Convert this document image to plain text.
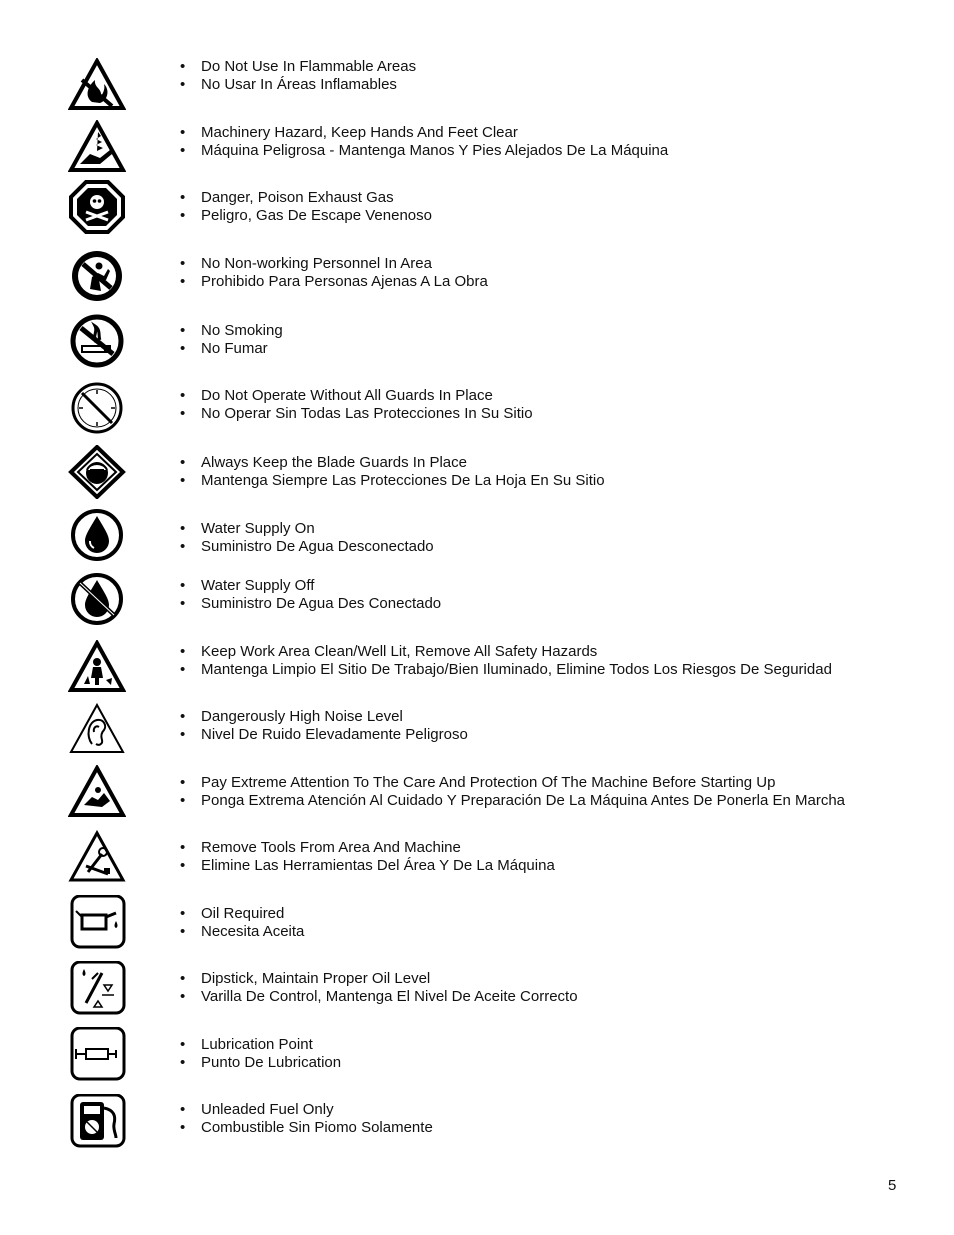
• Do Not Use In Flammable Areas
• No Usar In Áreas Inflamables
• Machinery Hazard, Keep Hands And Feet Clear
• Máquina Peligrosa - Mantenga Manos Y Pies Alejados De La Máquina
• Danger, Poison Exhaust Gas
• Peligro, Gas De Escape Venenoso
• No Non-working Personnel In Area
• Prohibido Para Personas Ajenas A La Obra
• No Smoking
• No Fumar
• Do Not Operate Without All Guards In Place
• No Operar Sin Todas Las Protecciones In Su Sitio
• Always Keep the Blade Guards In Place
• Mantenga Siempre Las Protecciones De La Hoja En Su Sitio
• Water Supply On
• Suministro De Agua Desconectado
• Water Supply Off
• Suministro De Agua Des Conectado
• Keep Work Area Clean/Well Lit, Remove All Safety Hazards
• Mantenga Limpio El Sitio De Trabajo/Bien Iluminado, Elimine Todos Los Riesgos De Seguridad
• Dangerously High Noise Level
• Nivel De Ruido Elevadamente Peligroso
• Pay Extreme Attention To The Care And Protection Of The Machine Before Starting Up
• Ponga Extrema Atención Al Cuidado Y Preparación De La Máquina Antes De Ponerla En Marcha
• Remove Tools From Area And Machine
• Elimine Las Herramientas Del Área Y De La Máquina
• Oil Required
• Necesita Aceita
• Dipstick, Maintain Proper Oil Level
• Varilla De Control, Mantenga El Nivel De Aceite Correcto
• Lubrication Point
• Punto De Lubrication
• Unleaded Fuel Only
• Combustible Sin Piomo Solamente
5
